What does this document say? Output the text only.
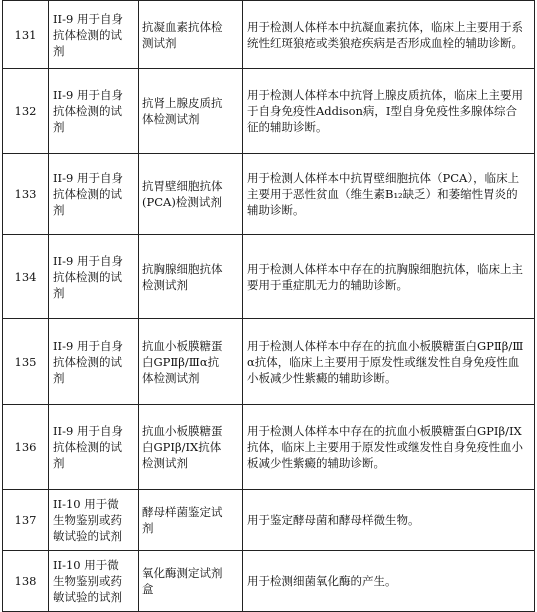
131	II-9 用于自身
抗体检测的试
剂	抗凝血素抗体检
测试剂	用于检测人体样本中抗凝血素抗体，临床上主要用于系统性红斑狼疮或类狼疮疾病是否形成血栓的辅助诊断。
132	II-9 用于自身
抗体检测的试
剂	抗肾上腺皮质抗
体检测试剂	用于检测人体样本中抗肾上腺皮质抗体，临床上主要用于自身免疫性Addison病，I型自身免疫性多腺体综合征的辅助诊断。
133	II-9 用于自身
抗体检测的试
剂	抗胃壁细胞抗体
(PCA)检测试剂	用于检测人体样本中抗胃壁细胞抗体（PCA），临床上主要用于恶性贫血（维生素B₁₂缺乏）和萎缩性胃炎的辅助诊断。
134	II-9 用于自身
抗体检测的试
剂	抗胸腺细胞抗体
检测试剂	用于检测人体样本中存在的抗胸腺细胞抗体，临床上主要用于重症肌无力的辅助诊断。
135	II-9 用于自身
抗体检测的试
剂	抗血小板膜糖蛋
白GPⅡβ/Ⅲα抗
体检测试剂	用于检测人体样本中存在的抗血小板膜糖蛋白GPⅡβ/Ⅲα抗体，临床上主要用于原发性或继发性自身免疫性血小板减少性紫癜的辅助诊断。
136	II-9 用于自身
抗体检测的试
剂	抗血小板膜糖蛋
白GPIβ/IX抗体
检测试剂	用于检测人体样本中存在的抗血小板膜糖蛋白GPIβ/IX抗体，临床上主要用于原发性或继发性自身免疫性血小板减少性紫癜的辅助诊断。
137	II-10 用于微
生物鉴别或药
敏试验的试剂	酵母样菌鉴定试
剂	用于鉴定酵母菌和酵母样微生物。
138	II-10 用于微
生物鉴别或药
敏试验的试剂	氧化酶测定试剂
盒	用于检测细菌氧化酶的产生。
